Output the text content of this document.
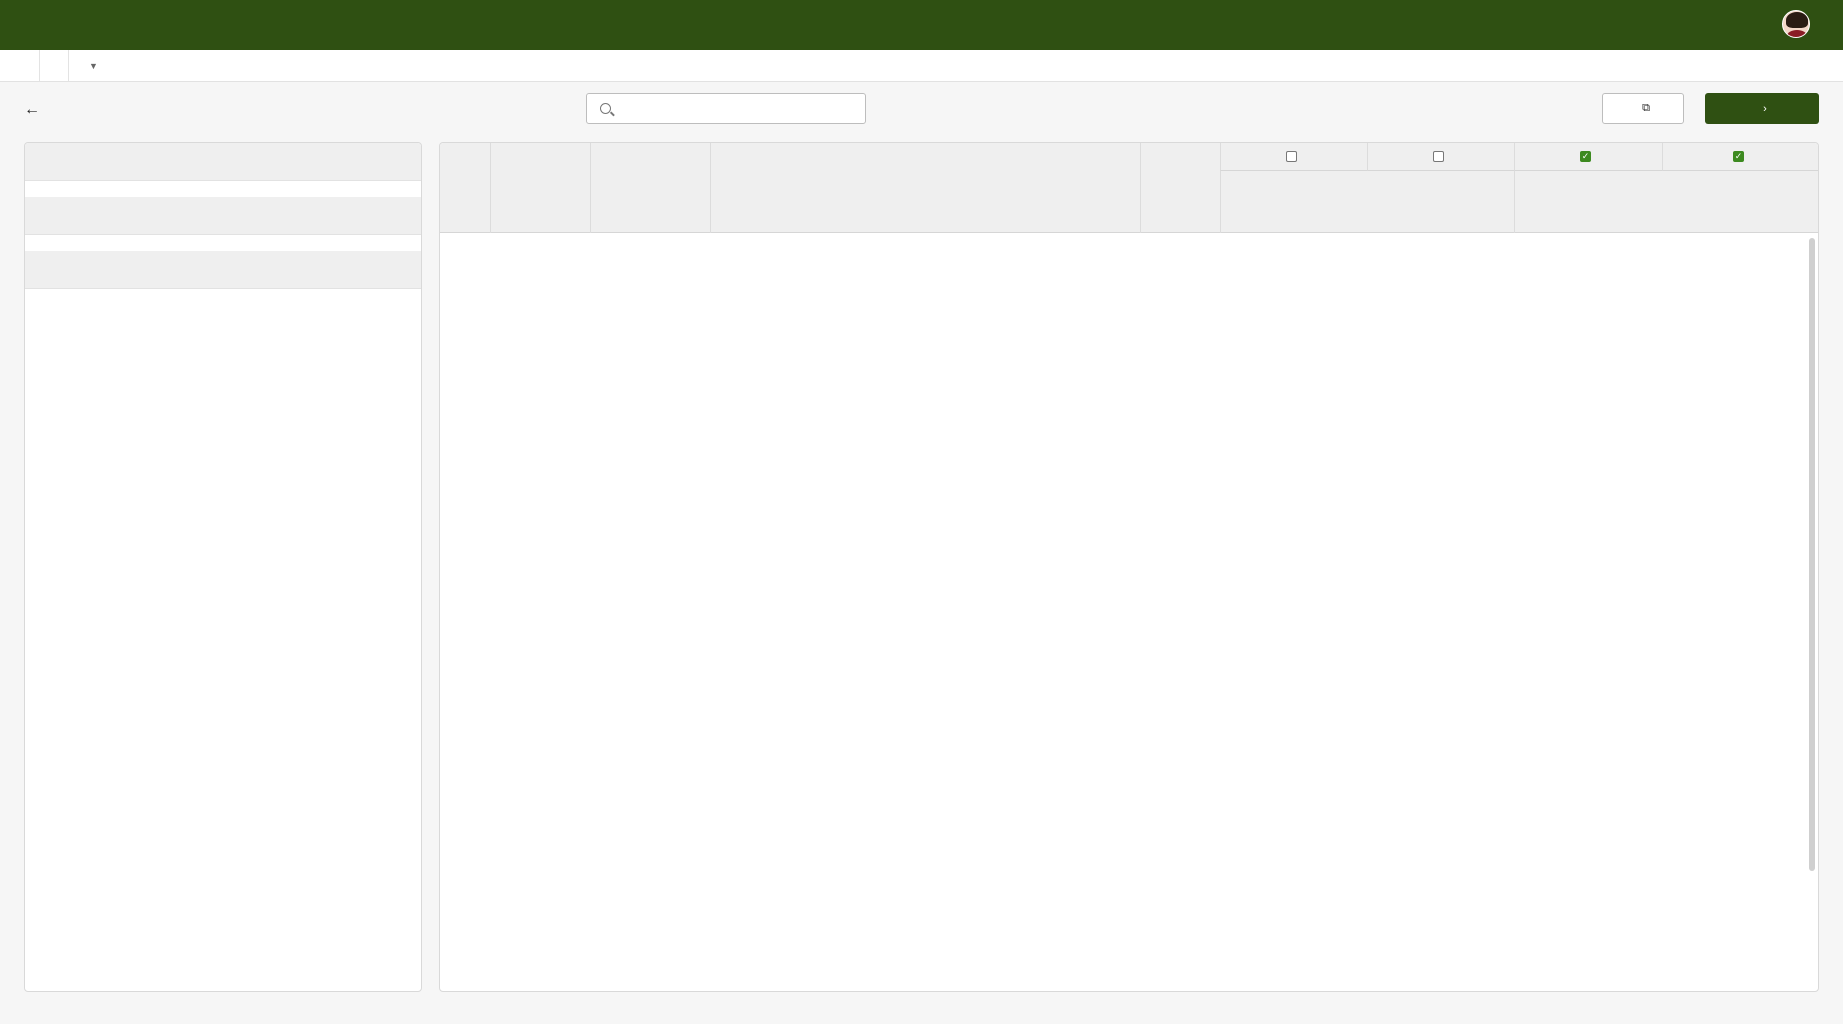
▼
←	⧉	›
✓	✓
